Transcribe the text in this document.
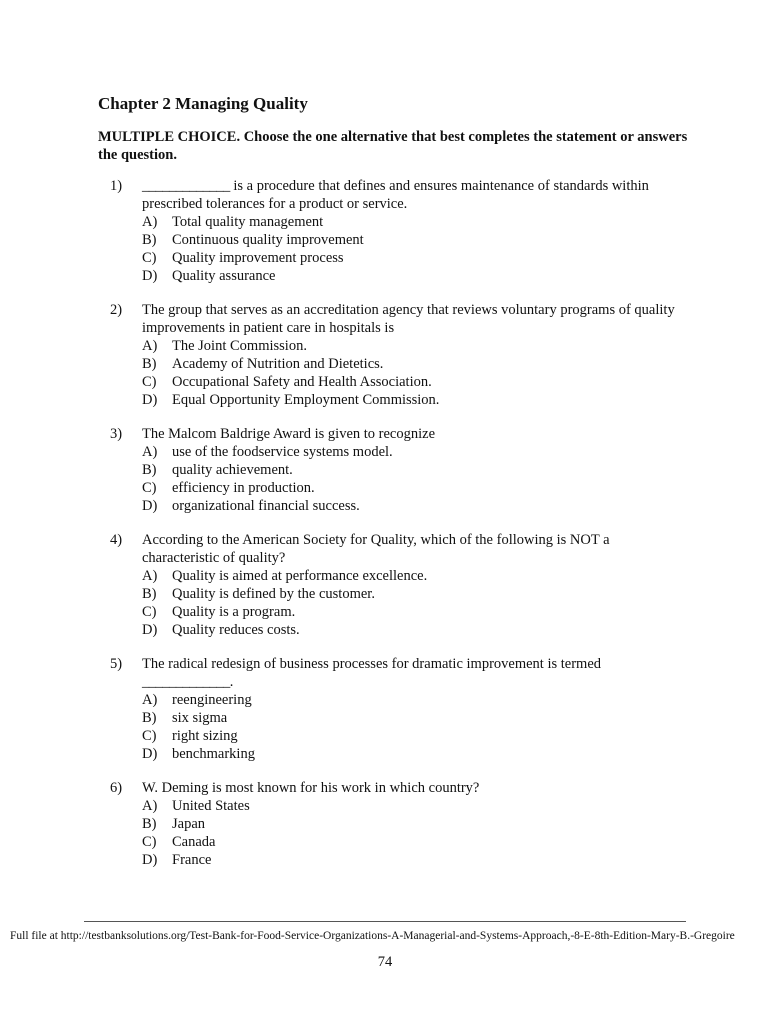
Chapter 2 Managing Quality

MULTIPLE CHOICE. Choose the one alternative that best completes the statement or answers the question.

1)	_____________ is a procedure that defines and ensures maintenance of standards within prescribed tolerances for a product or service.
A)	Total quality management
B)	Continuous quality improvement
C)	Quality improvement process
D)	Quality assurance
2)	The group that serves as an accreditation agency that reviews voluntary programs of quality improvements in patient care in hospitals is
A)	The Joint Commission.
B)	Academy of Nutrition and Dietetics.
C)	Occupational Safety and Health Association.
D)	Equal Opportunity Employment Commission.
3)	The Malcom Baldrige Award is given to recognize
A)	use of the foodservice systems model.
B)	quality achievement.
C)	efficiency in production.
D)	organizational financial success.
4)	According to the American Society for Quality, which of the following is NOT a characteristic of quality?
A)	Quality is aimed at performance excellence.
B)	Quality is defined by the customer.
C)	Quality is a program.
D)	Quality reduces costs.
5)	The radical redesign of business processes for dramatic improvement is termed
_____________.
A)	reengineering
B)	six sigma
C)	right sizing
D)	benchmarking
6)	W. Deming is most known for his work in which country?
A)	United States
B)	Japan
C)	Canada
D)	France
Full file at http://testbanksolutions.org/Test-Bank-for-Food-Service-Organizations-A-Managerial-and-Systems-Approach,-8-E-8th-Edition-Mary-B.-Gregoire
74
